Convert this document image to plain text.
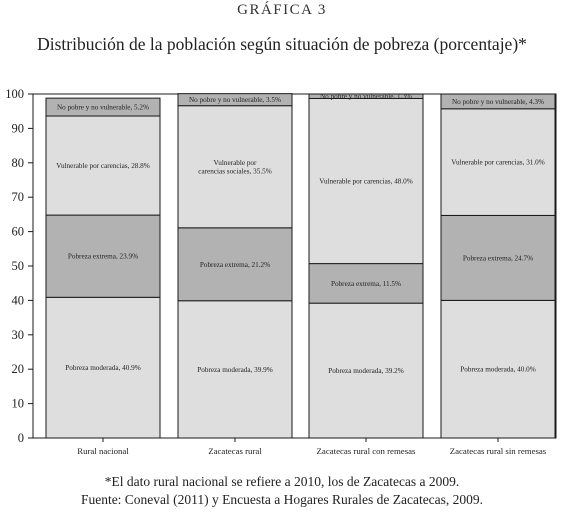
GRÁFICA 3
Distribución de la población según situación de pobreza (porcentaje)*
0
10
20
30
40
50
60
70
80
90
100
Pobreza moderada, 40.9%
Pobreza extrema, 23.9%
Vulnerable por carencias, 28.8%
No pobre y no vulnerable, 5.2%
Rural nacional
Pobreza moderada, 39.9%
Pobreza extrema, 21.2%
Vulnerable por
carencias sociales, 35.5%
No pobre y no vulnerable, 3.5%
Zacatecas rural
Pobreza moderada, 39.2%
Pobreza extrema, 11.5%
Vulnerable por carencias, 48.0%
No pobre y no vulnerable, 1.3%
Zacatecas rural con remesas
Pobreza moderada, 40.0%
Pobreza extrema, 24.7%
Vulnerable por carencias, 31.0%
No pobre y no vulnerable, 4.3%
Zacatecas rural sin remesas
*El dato rural nacional se refiere a 2010, los de Zacatecas a 2009.
Fuente: Coneval (2011) y Encuesta a Hogares Rurales de Zacatecas, 2009.
